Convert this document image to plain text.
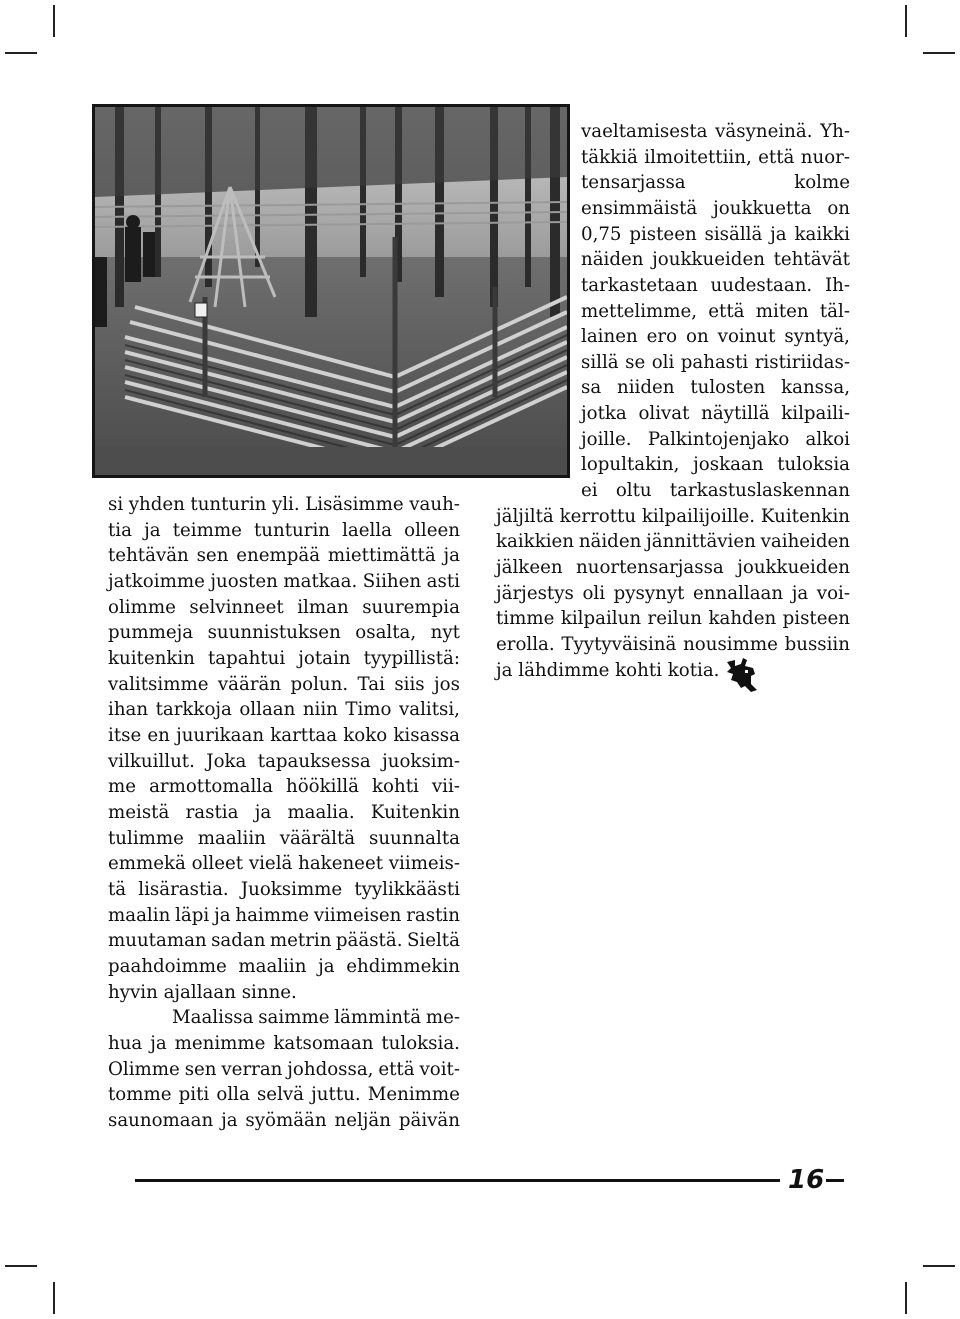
si yhden tunturin yli. Lisäsimme vauh-
tia ja teimme tunturin laella olleen
tehtävän sen enempää miettimättä ja
jatkoimme juosten matkaa. Siihen asti
olimme selvinneet ilman suurempia
pummeja suunnistuksen osalta, nyt
kuitenkin tapahtui jotain tyypillistä:
valitsimme väärän polun. Tai siis jos
ihan tarkkoja ollaan niin Timo valitsi,
itse en juurikaan karttaa koko kisassa
vilkuillut. Joka tapauksessa juoksim-
me armottomalla höökillä kohti vii-
meistä rastia ja maalia. Kuitenkin
tulimme maaliin väärältä suunnalta
emmekä olleet vielä hakeneet viimeis-
tä lisärastia. Juoksimme tyylikkäästi
maalin läpi ja haimme viimeisen rastin
muutaman sadan metrin päästä. Sieltä
paahdoimme maaliin ja ehdimmekin
hyvin ajallaan sinne.
Maalissa saimme lämmintä me-
hua ja menimme katsomaan tuloksia.
Olimme sen verran johdossa, että voit-
tomme piti olla selvä juttu. Menimme
saunomaan ja syömään neljän päivän
vaeltamisesta väsyneinä. Yh-
täkkiä ilmoitettiin, että nuor-
tensarjassa	kolme
ensimmäistä joukkuetta on
0,75 pisteen sisällä ja kaikki
näiden joukkueiden tehtävät
tarkastetaan uudestaan. Ih-
mettelimme, että miten täl-
lainen ero on voinut syntyä,
sillä se oli pahasti ristiriidas-
sa niiden tulosten kanssa,
jotka olivat näytillä kilpaili-
joille. Palkintojenjako alkoi
lopultakin, joskaan tuloksia
ei oltu tarkastuslaskennan
jäljiltä kerrottu kilpailijoille. Kuitenkin
kaikkien näiden jännittävien vaiheiden
jälkeen nuortensarjassa joukkueiden
järjestys oli pysynyt ennallaan ja voi-
timme kilpailun reilun kahden pisteen
erolla. Tyytyväisinä nousimme bussiin
ja lähdimme kohti kotia.
16
